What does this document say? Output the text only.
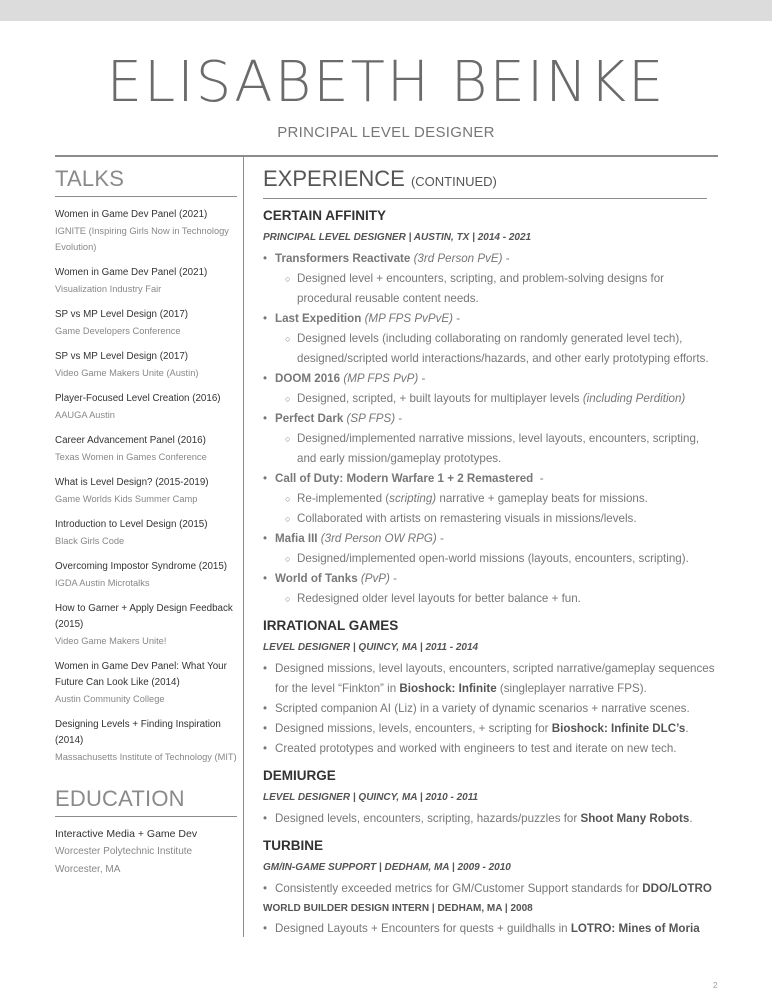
ELISABETH BEINKE
PRINCIPAL LEVEL DESIGNER
TALKS
Women in Game Dev Panel (2021)
IGNITE (Inspiring Girls Now in Technology Evolution)
Women in Game Dev Panel (2021)
Visualization Industry Fair
SP vs MP Level Design (2017)
Game Developers Conference
SP vs MP Level Design (2017)
Video Game Makers Unite (Austin)
Player-Focused Level Creation (2016)
AAUGA Austin
Career Advancement Panel (2016)
Texas Women in Games Conference
What is Level Design? (2015-2019)
Game Worlds Kids Summer Camp
Introduction to Level Design (2015)
Black Girls Code
Overcoming Impostor Syndrome (2015)
IGDA Austin Microtalks
How to Garner + Apply Design Feedback (2015)
Video Game Makers Unite!
Women in Game Dev Panel: What Your Future Can Look Like (2014)
Austin Community College
Designing Levels + Finding Inspiration (2014)
Massachusetts Institute of Technology (MIT)
EDUCATION
Interactive Media + Game Dev
Worcester Polytechnic Institute
Worcester, MA
EXPERIENCE (CONTINUED)
CERTAIN AFFINITY
PRINCIPAL LEVEL DESIGNER | AUSTIN, TX | 2014 - 2021
• Transformers Reactivate (3rd Person PvE) -
○ Designed level + encounters, scripting, and problem-solving designs for procedural reusable content needs.
• Last Expedition (MP FPS PvPvE) -
○ Designed levels (including collaborating on randomly generated level tech), designed/scripted world interactions/hazards, and other early prototyping efforts.
• DOOM 2016 (MP FPS PvP) -
○ Designed, scripted, + built layouts for multiplayer levels (including Perdition)
• Perfect Dark (SP FPS) -
○ Designed/implemented narrative missions, level layouts, encounters, scripting, and early mission/gameplay prototypes.
• Call of Duty: Modern Warfare 1 + 2 Remastered  -
○ Re-implemented (scripting) narrative + gameplay beats for missions.
○ Collaborated with artists on remastering visuals in missions/levels.
• Mafia III (3rd Person OW RPG) -
○ Designed/implemented open-world missions (layouts, encounters, scripting).
• World of Tanks (PvP) -
○ Redesigned older level layouts for better balance + fun.
IRRATIONAL GAMES
LEVEL DESIGNER | QUINCY, MA | 2011 - 2014
• Designed missions, level layouts, encounters, scripted narrative/gameplay sequences for the level “Finkton” in Bioshock: Infinite (singleplayer narrative FPS).
• Scripted companion AI (Liz) in a variety of dynamic scenarios + narrative scenes.
• Designed missions, levels, encounters, + scripting for Bioshock: Infinite DLC’s.
• Created prototypes and worked with engineers to test and iterate on new tech.
DEMIURGE
LEVEL DESIGNER | QUINCY, MA | 2010 - 2011
• Designed levels, encounters, scripting, hazards/puzzles for Shoot Many Robots.
TURBINE
GM/IN-GAME SUPPORT | DEDHAM, MA | 2009 - 2010
• Consistently exceeded metrics for GM/Customer Support standards for DDO/LOTRO
WORLD BUILDER DESIGN INTERN | DEDHAM, MA | 2008
• Designed Layouts + Encounters for quests + guildhalls in LOTRO: Mines of Moria
2
